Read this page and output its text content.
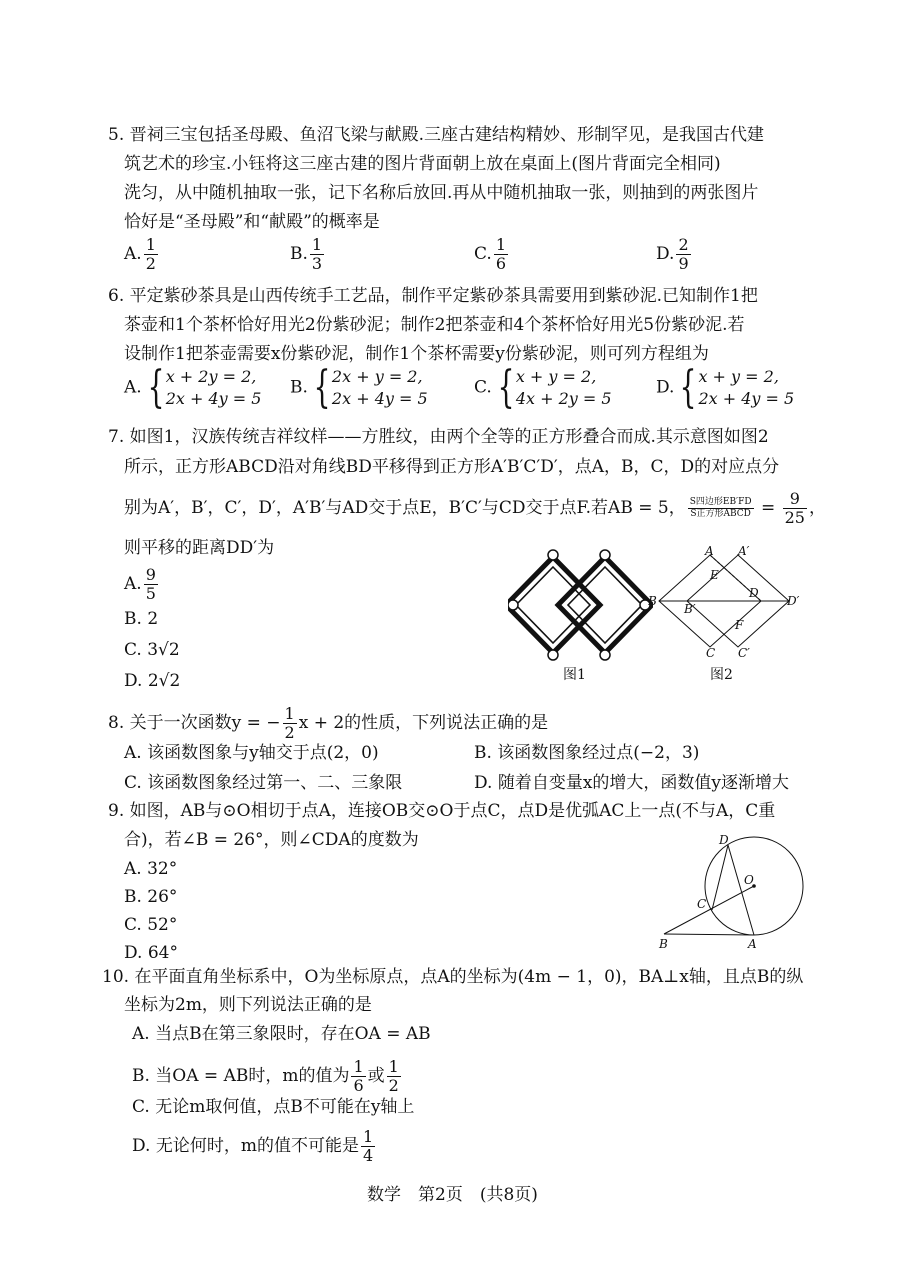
5. 晋祠三宝包括圣母殿、鱼沼飞梁与献殿.三座古建结构精妙、形制罕见，是我国古代建
筑艺术的珍宝.小钰将这三座古建的图片背面朝上放在桌面上(图片背面完全相同)
洗匀，从中随机抽取一张，记下名称后放回.再从中随机抽取一张，则抽到的两张图片
恰好是“圣母殿”和“献殿”的概率是
A. $\frac{1}{2}$	B. $\frac{1}{3}$	C. $\frac{1}{6}$	D. $\frac{2}{9}$
6. 平定紫砂茶具是山西传统手工艺品，制作平定紫砂茶具需要用到紫砂泥.已知制作1把
茶壶和1个茶杯恰好用光2份紫砂泥；制作2把茶壶和4个茶杯恰好用光5份紫砂泥.若
设制作1把茶壶需要x份紫砂泥，制作1个茶杯需要y份紫砂泥，则可列方程组为
A. { x + 2y = 2,
2x + 4y = 5
B. { 2x + y = 2,
2x + 4y = 5
C. { x + y = 2,
4x + 2y = 5
D. { x + y = 2,
2x + 4y = 5
7. 如图1，汉族传统吉祥纹样——方胜纹，由两个全等的正方形叠合而成.其示意图如图2
所示，正方形ABCD沿对角线BD平移得到正方形A′B′C′D′，点A，B，C，D的对应点分
别为A′，B′，C′，D′，A′B′与AD交于点E，B′C′与CD交于点F.若AB = 5， $\frac{\text{S四边形EB′FD}}{\text{S正方形ABCD}} = \frac{9}{25}$ ，
则平移的距离DD′为
A. $\frac{9}{5}$
B. 2
C. 3√2
D. 2√2	图1
A A′
E
B
B′
D
D′
F
C C′
图2
8. 关于一次函数y = − $\frac{1}{2}$ x + 2的性质，下列说法正确的是
A. 该函数图象与y轴交于点(2，0)	B. 该函数图象经过点(−2，3)
C. 该函数图象经过第一、二、三象限	D. 随着自变量x的增大，函数值y逐渐增大
9. 如图，AB与⊙O相切于点A，连接OB交⊙O于点C，点D是优弧AC上一点(不与A，C重
合)，若∠B = 26°，则∠CDA的度数为
A. 32°
B. 26°
C. 52°
D. 64°
D
O
C
B	A
10. 在平面直角坐标系中，O为坐标原点，点A的坐标为(4m − 1，0)，BA⊥x轴，且点B的纵
坐标为2m，则下列说法正确的是
A. 当点B在第三象限时，存在OA = AB
B. 当OA = AB时，m的值为 $\frac{1}{6}$ 或 $\frac{1}{2}$
C. 无论m取何值，点B不可能在y轴上
D. 无论何时，m的值不可能是 $\frac{1}{4}$
数学　第2页　(共8页)
